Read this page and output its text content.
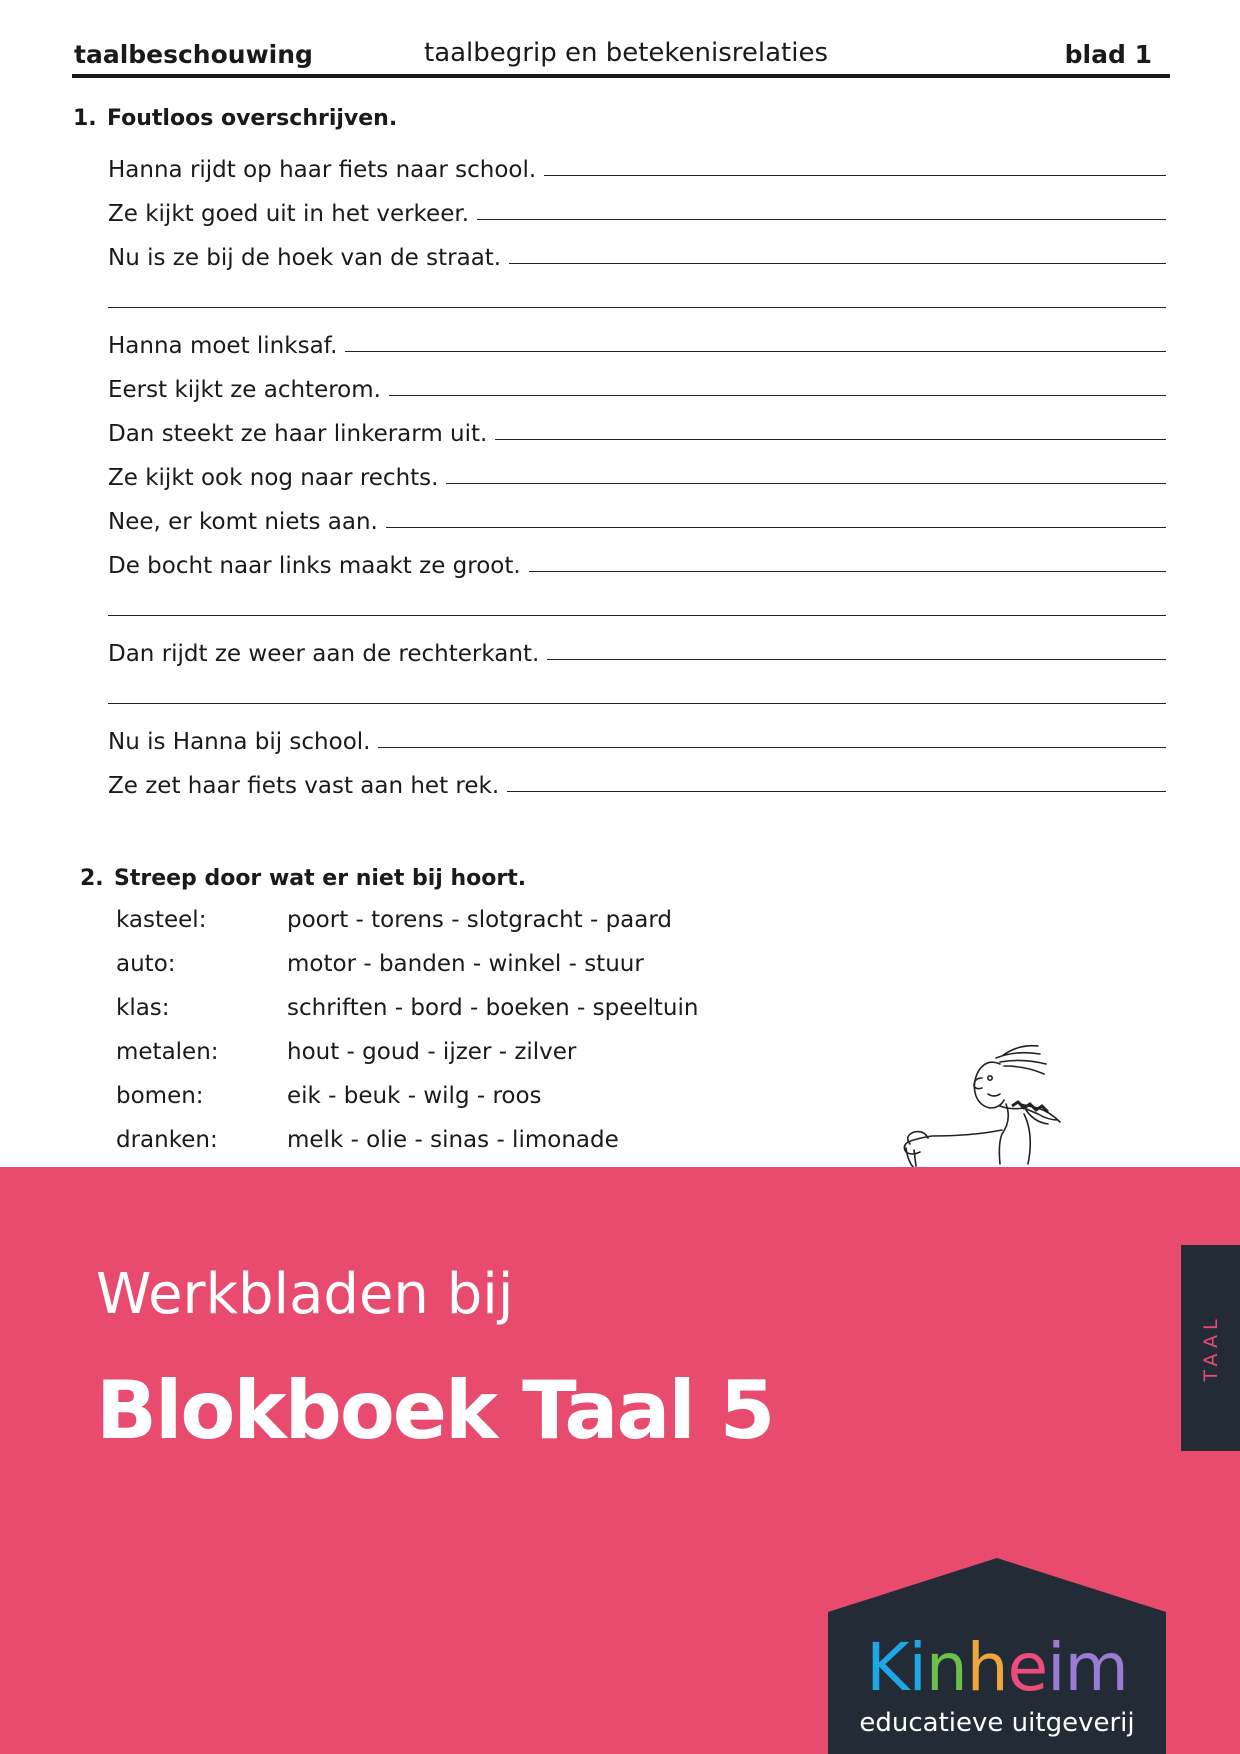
taalbeschouwing	taalbegrip en betekenisrelaties	blad 1
1. Foutloos overschrijven.
Hanna rijdt op haar fiets naar school.
Ze kijkt goed uit in het verkeer.
Nu is ze bij de hoek van de straat.
Hanna moet linksaf.
Eerst kijkt ze achterom.
Dan steekt ze haar linkerarm uit.
Ze kijkt ook nog naar rechts.
Nee, er komt niets aan.
De bocht naar links maakt ze groot.
Dan rijdt ze weer aan de rechterkant.
Nu is Hanna bij school.
Ze zet haar fiets vast aan het rek.
2. Streep door wat er niet bij hoort.
kasteel:	poort - torens - slotgracht - paard
auto:	motor - banden - winkel - stuur
klas:	schriften - bord - boeken - speeltuin
metalen:	hout - goud - ijzer - zilver
bomen:	eik - beuk - wilg - roos
dranken:	melk - olie - sinas - limonade
Werkbladen bij
Blokboek Taal 5
TAAL
Kinheim
educatieve uitgeverij
